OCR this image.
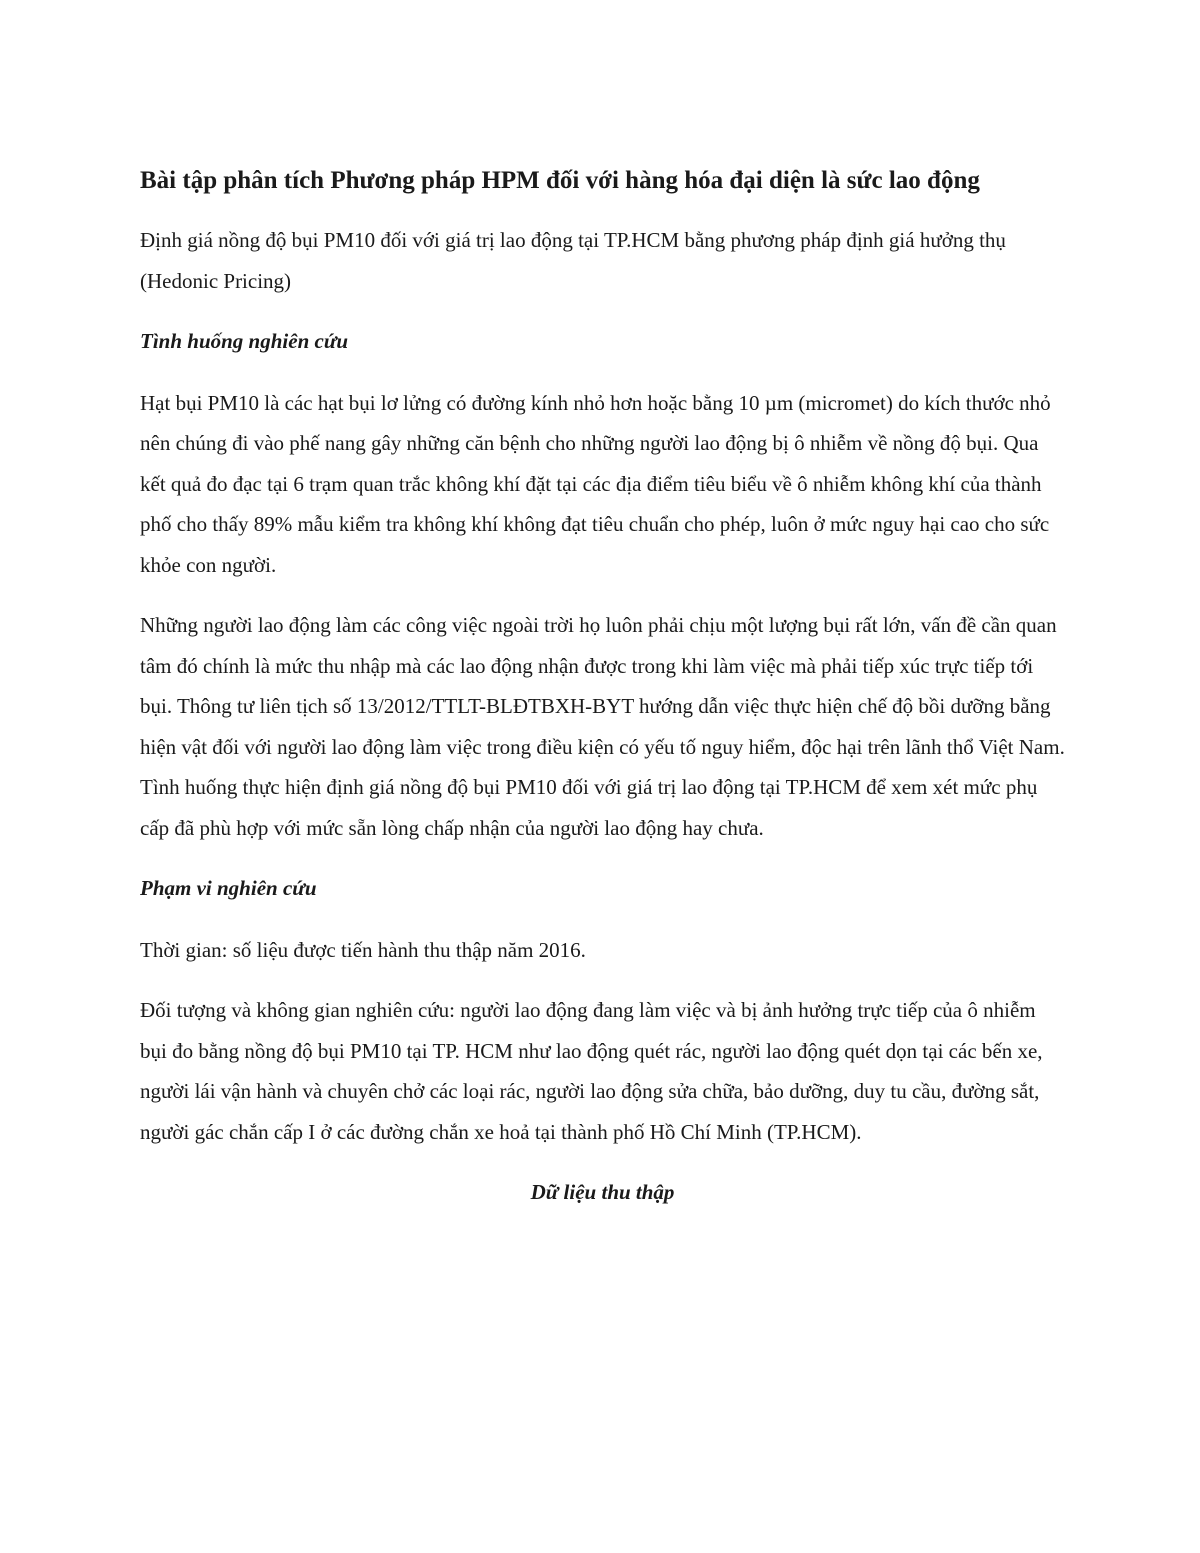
Bài tập phân tích Phương pháp HPM đối với hàng hóa đại diện là sức lao động

Định giá nồng độ bụi PM10 đối với giá trị lao động tại TP.HCM bằng phương pháp định giá hưởng thụ (Hedonic Pricing)

Tình huống nghiên cứu

Hạt bụi PM10 là các hạt bụi lơ lửng có đường kính nhỏ hơn hoặc bằng 10 µm (micromet) do kích thước nhỏ nên chúng đi vào phế nang gây những căn bệnh cho những người lao động bị ô nhiễm về nồng độ bụi. Qua kết quả đo đạc tại 6 trạm quan trắc không khí đặt tại các địa điểm tiêu biểu về ô nhiễm không khí của thành phố cho thấy 89% mẫu kiểm tra không khí không đạt tiêu chuẩn cho phép, luôn ở mức nguy hại cao cho sức khỏe con người.

Những người lao động làm các công việc ngoài trời họ luôn phải chịu một lượng bụi rất lớn, vấn đề cần quan tâm đó chính là mức thu nhập mà các lao động nhận được trong khi làm việc mà phải tiếp xúc trực tiếp tới bụi. Thông tư liên tịch số 13/2012/TTLT-BLĐTBXH-BYT hướng dẫn việc thực hiện chế độ bồi dưỡng bằng hiện vật đối với người lao động làm việc trong điều kiện có yếu tố nguy hiểm, độc hại trên lãnh thổ Việt Nam. Tình huống thực hiện định giá nồng độ bụi PM10 đối với giá trị lao động tại TP.HCM để xem xét mức phụ cấp đã phù hợp với mức sẵn lòng chấp nhận của người lao động hay chưa.

Phạm vi nghiên cứu

Thời gian: số liệu được tiến hành thu thập năm 2016.

Đối tượng và không gian nghiên cứu: người lao động đang làm việc và bị ảnh hưởng trực tiếp của ô nhiễm bụi đo bằng nồng độ bụi PM10 tại TP. HCM như lao động quét rác, người lao động quét dọn tại các bến xe, người lái vận hành và chuyên chở các loại rác, người lao động sửa chữa, bảo dưỡng, duy tu cầu, đường sắt, người gác chắn cấp I ở các đường chắn xe hoả tại thành phố Hồ Chí Minh (TP.HCM).

Dữ liệu thu thập
